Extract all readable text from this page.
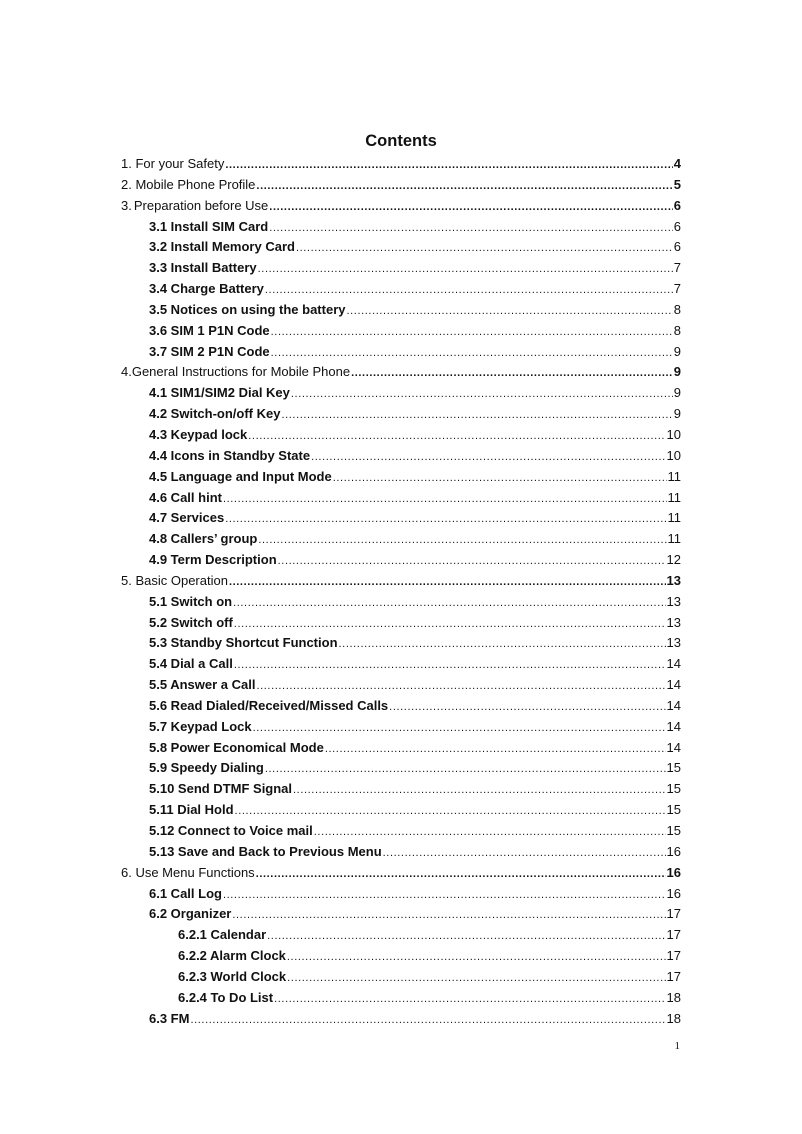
Contents
1. For your Safety .....	4
2. Mobile Phone Profile .....	5
3. Preparation before Use .....	6
3.1 Install SIM Card .....	6
3.2 Install Memory Card .....	6
3.3 Install Battery .....	7
3.4 Charge Battery .....	7
3.5 Notices on using the battery .....	8
3.6 SIM 1 P1N Code .....	8
3.7 SIM 2 P1N Code .....	9
4. General Instructions for Mobile Phone .....	9
4.1 SIM1/SIM2 Dial Key .....	9
4.2 Switch-on/off Key .....	9
4.3 Keypad lock .....	10
4.4 Icons in Standby State .....	10
4.5 Language and Input Mode .....	11
4.6 Call hint .....	11
4.7 Services .....	11
4.8 Callers’ group .....	11
4.9 Term Description .....	12
5. Basic Operation .....	13
5.1 Switch on .....	13
5.2 Switch off .....	13
5.3 Standby Shortcut Function .....	13
5.4 Dial a Call .....	14
5.5 Answer a Call .....	14
5.6 Read Dialed/Received/Missed Calls .....	14
5.7 Keypad Lock .....	14
5.8 Power Economical Mode .....	14
5.9 Speedy Dialing .....	15
5.10 Send DTMF Signal .....	15
5.11 Dial Hold .....	15
5.12 Connect to Voice mail .....	15
5.13 Save and Back to Previous Menu .....	16
6. Use Menu Functions .....	16
6.1 Call Log .....	16
6.2 Organizer .....	17
6.2.1 Calendar .....	17
6.2.2 Alarm Clock .....	17
6.2.3 World Clock .....	17
6.2.4 To Do List .....	18
6.3 FM .....	18
1
